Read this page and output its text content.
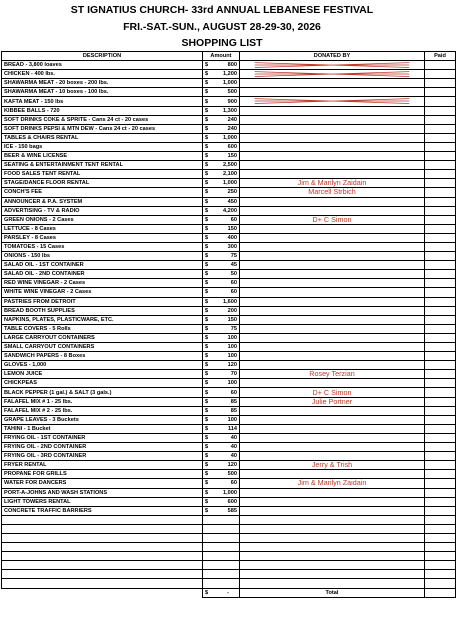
ST IGNATIUS CHURCH- 33rd ANNUAL LEBANESE FESTIVAL
FRI.-SAT.-SUN., AUGUST 28-29-30, 2026
SHOPPING LIST
DESCRIPTION	Amount	DONATED BY	Paid
BREAD - 3,800 loaves	$ 800

CHICKEN - 400 lbs.	$ 1,200

SHAWARMA MEAT - 20 boxes - 200 lbs.	$ 1,000		

SHAWARMA MEAT - 10 boxes - 100 lbs.	$ 500		

KAFTA MEAT - 150 lbs	$ 900

KIBBEE BALLS - 720	$ 1,300		

SOFT DRINKS COKE & SPRITE - Cans 24 ct - 20 cases	$ 240		

SOFT DRINKS PEPSI & MTN DEW - Cans 24 ct - 20 cases	$ 240		

TABLES & CHAIRS RENTAL	$ 1,000		

ICE - 150 bags	$ 600		

BEER & WINE LICENSE	$ 150		

SEATING & ENTERTAINMENT TENT RENTAL	$ 2,500		

FOOD SALES TENT RENTAL	$ 2,100		

STAGE/DANCE FLOOR RENTAL	$ 1,000	Jim & Marilyn Zaidain	

CONCH'S FEE	$ 250	Marcell Strbich	

ANNOUNCER & P.A. SYSTEM	$ 450		

ADVERTISING - TV & RADIO	$ 4,200		

GREEN ONIONS - 2 Cases	$ 60	D+ C Simon	

LETTUCE - 8 Cases	$ 150		

PARSLEY - 8 Cases	$ 400		

TOMATOES - 15 Cases	$ 300		

ONIONS - 150 lbs	$ 75		

SALAD OIL - 1ST CONTAINER	$ 45		

SALAD OIL - 2ND CONTAINER	$ 50		

RED WINE VINEGAR - 2 Cases	$ 60		

WHITE WINE VINEGAR - 2 Cases	$ 60		

PASTRIES FROM DETROIT	$ 1,600		

BREAD BOOTH SUPPLIES	$ 200		

NAPKINS, PLATES, PLASTICWARE, ETC.	$ 150		

TABLE COVERS - 5 Rolls	$ 75		

LARGE CARRYOUT CONTAINERS	$ 100		

SMALL CARRYOUT CONTAINERS	$ 100		

SANDWICH PAPERS - 8 Boxes	$ 100		

GLOVES - 1,000	$ 120		

LEMON JUICE	$ 70	Rosey Terzian	

CHICKPEAS	$ 100		

BLACK PEPPER (1 gal.) & SALT (3 gals.)	$ 60	D+ C Simon	

FALAFEL MIX # 1 - 25 lbs.	$ 85	Julie Portner	

FALAFEL MIX # 2 - 25 lbs.	$ 85		

GRAPE LEAVES - 3 Buckets	$ 100		

TAHINI - 1 Bucket	$ 114		

FRYING OIL - 1ST CONTAINER	$ 40		

FRYING OIL - 2ND CONTAINER	$ 40		

FRYING OIL - 3RD CONTAINER	$ 40		

FRYER RENTAL	$ 120	Jerry & Trish	

PROPANE FOR GRILLS	$ 500		

WATER FOR DANCERS	$ 60	Jim & Marilyn Zaidain	

PORT-A-JOHNS AND WASH STATIONS	$ 1,000		

LIGHT TOWERS RENTAL	$ 600		

CONCRETE TRAFFIC BARRIERS	$ 585		

	$ -	Total	
